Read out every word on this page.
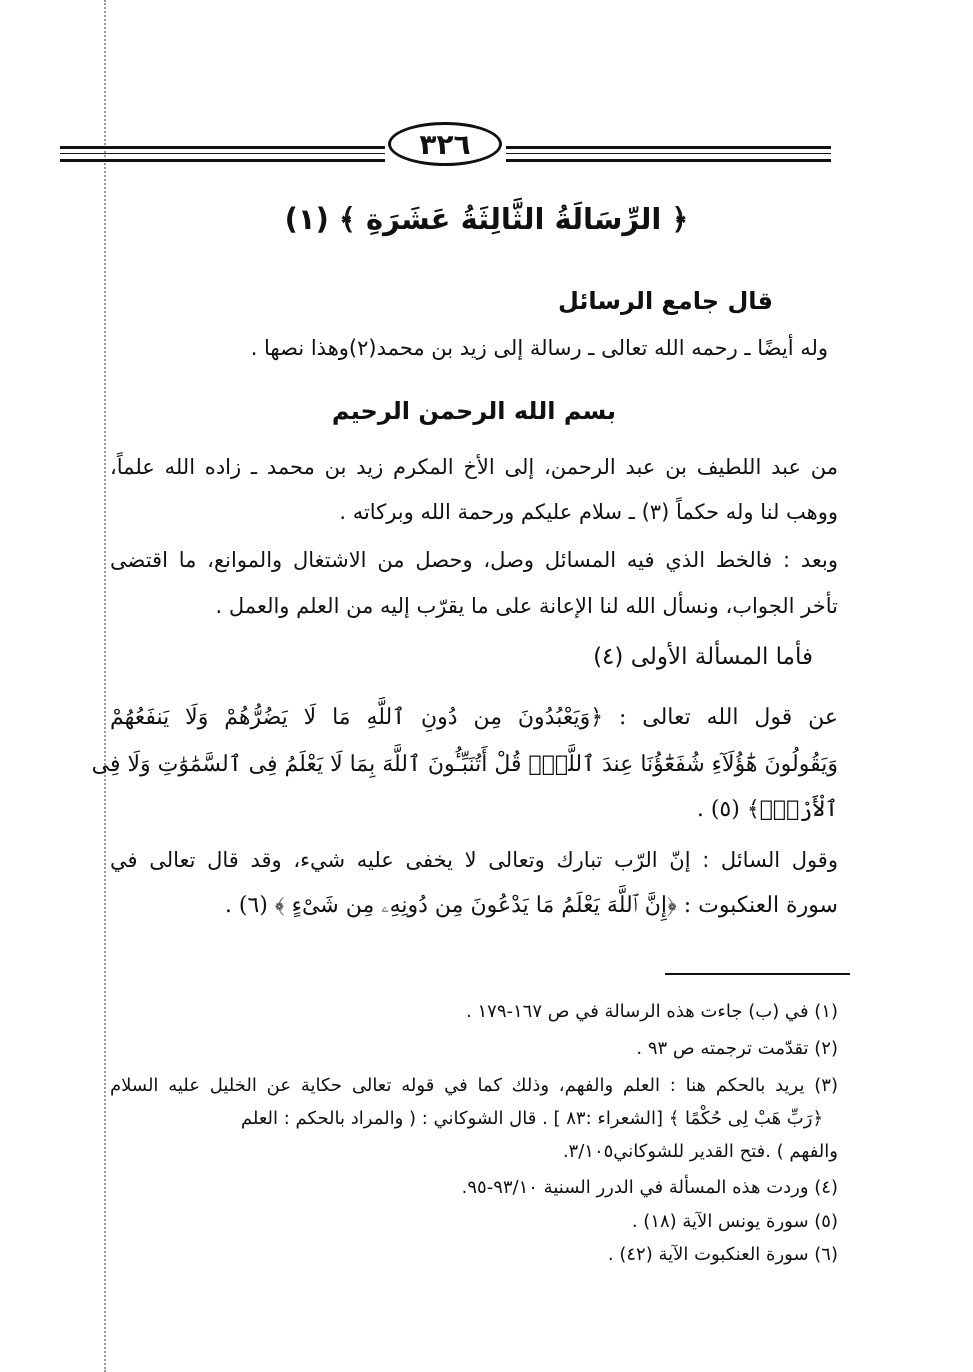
٣٢٦
﴿ الرِّسَالَةُ الثَّالِثَةُ عَشَرَةِ ﴾ (١)
قال جامع الرسائل
وله أيضًا ـ رحمه الله تعالى ـ رسالة إلى زيد بن محمد(٢)وهذا نصها .
بسم الله الرحمن الرحيم
من عبد اللطيف بن عبد الرحمن، إلى الأخ المكرم زيد بن محمد ـ زاده الله علماً،
ووهب لنا وله حكماً (٣) ـ سلام عليكم ورحمة الله وبركاته .
وبعد : فالخط الذي فيه المسائل وصل، وحصل من الاشتغال والموانع، ما اقتضى
تأخر الجواب، ونسأل الله لنا الإعانة على ما يقرّب إليه من العلم والعمل .
فأما المسألة الأولى (٤)
عن قول الله تعالى : ﴿وَيَعْبُدُونَ مِن دُونِ ٱللَّهِ مَا لَا يَضُرُّهُمْ وَلَا يَنفَعُهُمْ
وَيَقُولُونَ هَٰٓؤُلَآءِ شُفَعَٰٓؤُنَا عِندَ ٱللَّهِۚ قُلْ أَتُنَبِّـُٔونَ ٱللَّهَ بِمَا لَا يَعْلَمُ فِى ٱلسَّمَٰوَٰتِ وَلَا فِى
ٱلْأَرْضِۚ﴾ (٥) .
وقول السائل : إنّ الرّب تبارك وتعالى لا يخفى عليه شيء، وقد قال تعالى في
سورة العنكبوت : ﴿إِنَّ ٱللَّهَ يَعْلَمُ مَا يَدْعُونَ مِن دُونِهِۦ مِن شَىْءٍ ﴾ (٦) .
(١) في (ب) جاءت هذه الرسالة في ص ١٦٧-١٧٩ .
(٢) تقدّمت ترجمته ص ٩٣ .
(٣) يريد بالحكم هنا : العلم والفهم، وذلك كما في قوله تعالى حكاية عن الخليل عليه السلام
﴿رَبِّ هَبْ لِى حُكْمًا ﴾ [الشعراء :٨٣ ] . قال الشوكاني : ( والمراد بالحكم : العلم
والفهم ) .فتح القدير للشوكاني٣/١٠٥.
(٤) وردت هذه المسألة في الدرر السنية ٩٣/١٠-٩٥.
(٥) سورة يونس الآية (١٨) .
(٦) سورة العنكبوت الآية (٤٢) .
